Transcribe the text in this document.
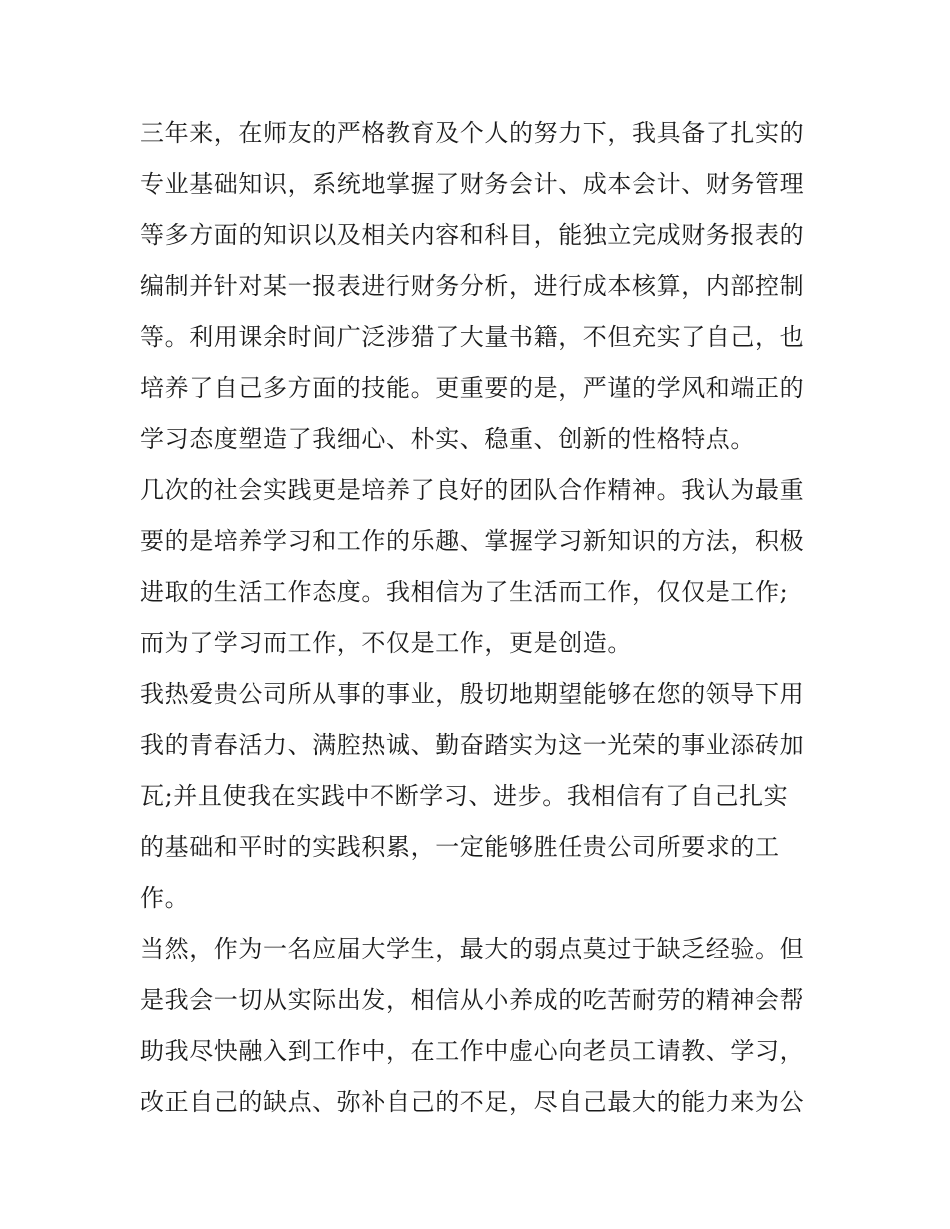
三年来，在师友的严格教育及个人的努力下，我具备了扎实的
专业基础知识，系统地掌握了财务会计、成本会计、财务管理
等多方面的知识以及相关内容和科目，能独立完成财务报表的
编制并针对某一报表进行财务分析，进行成本核算，内部控制
等。利用课余时间广泛涉猎了大量书籍，不但充实了自己，也
培养了自己多方面的技能。更重要的是，严谨的学风和端正的
学习态度塑造了我细心、朴实、稳重、创新的性格特点。
几次的社会实践更是培养了良好的团队合作精神。我认为最重
要的是培养学习和工作的乐趣、掌握学习新知识的方法，积极
进取的生活工作态度。我相信为了生活而工作，仅仅是工作;
而为了学习而工作，不仅是工作，更是创造。
我热爱贵公司所从事的事业，殷切地期望能够在您的领导下用
我的青春活力、满腔热诚、勤奋踏实为这一光荣的事业添砖加
瓦;并且使我在实践中不断学习、进步。我相信有了自己扎实
的基础和平时的实践积累，一定能够胜任贵公司所要求的工
作。
当然，作为一名应届大学生，最大的弱点莫过于缺乏经验。但
是我会一切从实际出发，相信从小养成的吃苦耐劳的精神会帮
助我尽快融入到工作中，在工作中虚心向老员工请教、学习，
改正自己的缺点、弥补自己的不足，尽自己最大的能力来为公
